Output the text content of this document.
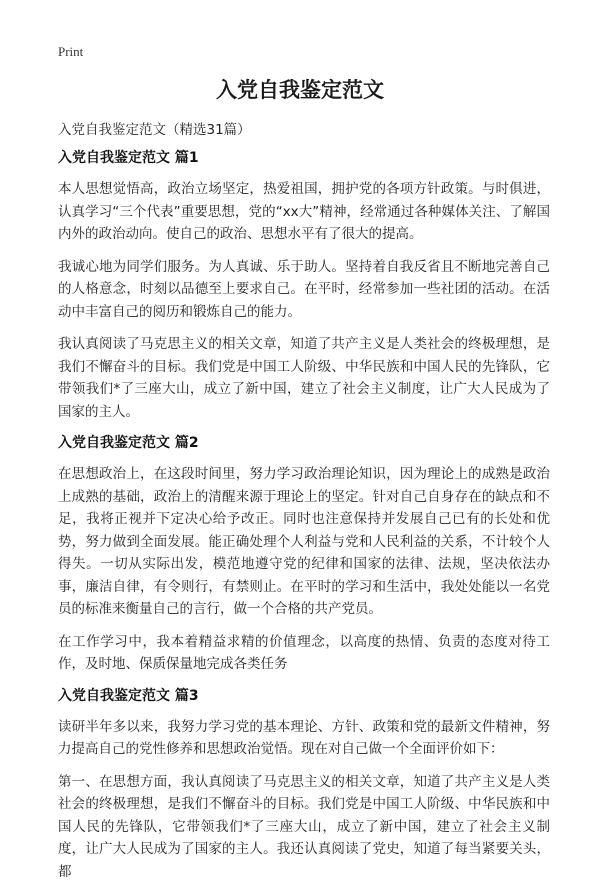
Print
入党自我鉴定范文
入党自我鉴定范文（精选31篇）
入党自我鉴定范文 篇1

本人思想觉悟高，政治立场坚定，热爱祖国，拥护党的各项方针政策。与时俱进，认真学习“三个代表”重要思想，党的“xx大”精神，经常通过各种媒体关注、了解国内外的政治动向。使自己的政治、思想水平有了很大的提高。

我诚心地为同学们服务。为人真诚、乐于助人。坚持着自我反省且不断地完善自己的人格意念，时刻以品德至上要求自己。在平时，经常参加一些社团的活动。在活动中丰富自己的阅历和锻炼自己的能力。

我认真阅读了马克思主义的相关文章，知道了共产主义是人类社会的终极理想，是我们不懈奋斗的目标。我们党是中国工人阶级、中华民族和中国人民的先锋队，它带领我们*了三座大山，成立了新中国，建立了社会主义制度，让广大人民成为了国家的主人。

入党自我鉴定范文 篇2

在思想政治上，在这段时间里，努力学习政治理论知识，因为理论上的成熟是政治上成熟的基础，政治上的清醒来源于理论上的坚定。针对自己自身存在的缺点和不足，我将正视并下定决心给予改正。同时也注意保持并发展自己已有的长处和优势，努力做到全面发展。能正确处理个人利益与党和人民利益的关系，不计较个人得失。一切从实际出发，模范地遵守党的纪律和国家的法律、法规，坚决依法办事，廉洁自律，有令则行，有禁则止。在平时的学习和生活中，我处处能以一名党员的标准来衡量自己的言行，做一个合格的共产党员。

在工作学习中，我本着精益求精的价值理念，以高度的热情、负责的态度对待工作，及时地、保质保量地完成各类任务

入党自我鉴定范文 篇3

读研半年多以来，我努力学习党的基本理论、方针、政策和党的最新文件精神，努力提高自己的党性修养和思想政治觉悟。现在对自己做一个全面评价如下：

第一、在思想方面，我认真阅读了马克思主义的相关文章，知道了共产主义是人类社会的终极理想，是我们不懈奋斗的目标。我们党是中国工人阶级、中华民族和中国人民的先锋队，它带领我们*了三座大山，成立了新中国，建立了社会主义制度，让广大人民成为了国家的主人。我还认真阅读了党史，知道了每当紧要关头，都
